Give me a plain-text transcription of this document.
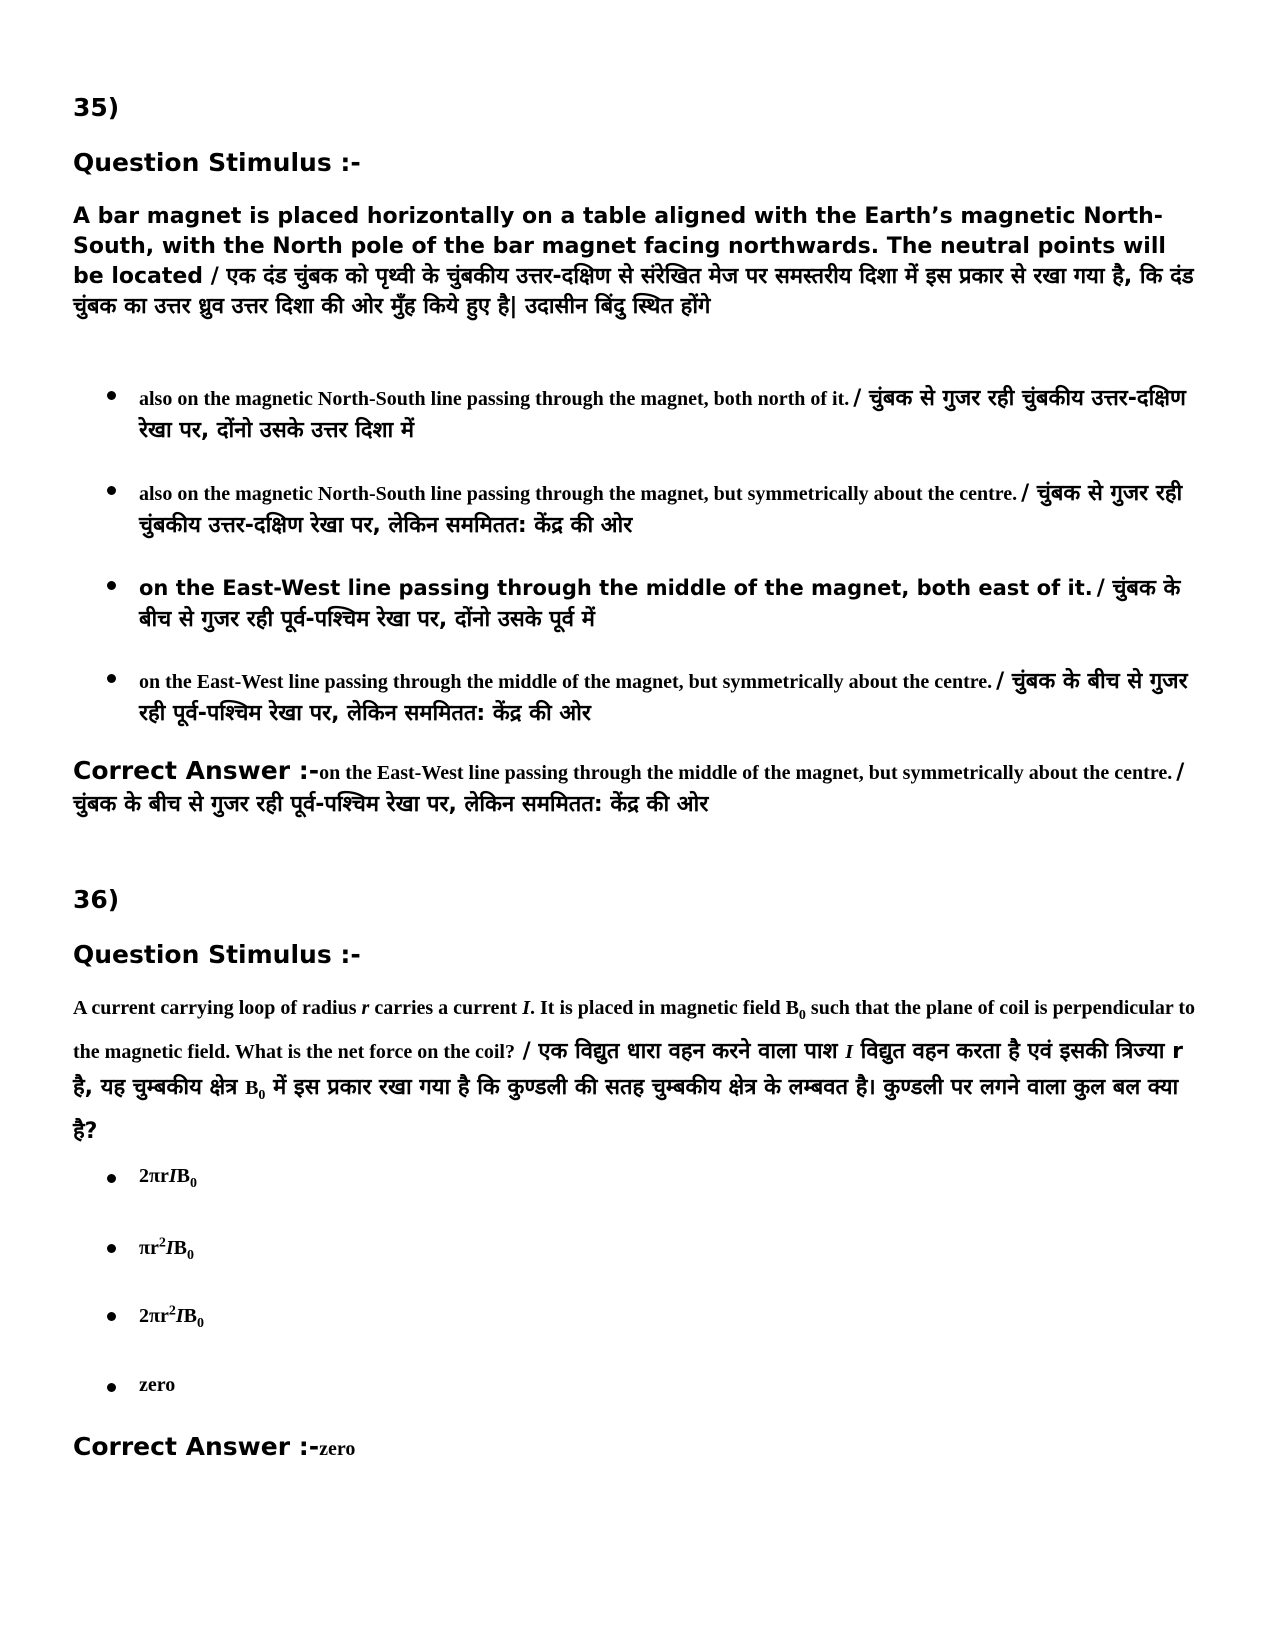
35)

Question Stimulus :-

A bar magnet is placed horizontally on a table aligned with the Earth’s magnetic North-South, with the North pole of the bar magnet facing northwards. The neutral points will be located / एक दंड चुंबक को पृथ्वी के चुंबकीय उत्तर-दक्षिण से संरेखित मेज पर समस्तरीय दिशा में इस प्रकार से रखा गया है, कि दंड चुंबक का उत्तर ध्रुव उत्तर दिशा की ओर मुँह किये हुए है| उदासीन बिंदु स्थित होंगे

also on the magnetic North-South line passing through the magnet, both north of it. / चुंबक से गुजर रही चुंबकीय उत्तर-दक्षिण रेखा पर, दोंनो उसके उत्तर दिशा में
also on the magnetic North-South line passing through the magnet, but symmetrically about the centre. / चुंबक से गुजर रही चुंबकीय उत्तर-दक्षिण रेखा पर, लेकिन सममितत: केंद्र की ओर
on the East-West line passing through the middle of the magnet, both east of it. / चुंबक के बीच से गुजर रही पूर्व-पश्चिम रेखा पर, दोंनो उसके पूर्व में
on the East-West line passing through the middle of the magnet, but symmetrically about the centre. / चुंबक के बीच से गुजर रही पूर्व-पश्चिम रेखा पर, लेकिन सममितत: केंद्र की ओर
Correct Answer :-on the East-West line passing through the middle of the magnet, but symmetrically about the centre. / चुंबक के बीच से गुजर रही पूर्व-पश्चिम रेखा पर, लेकिन सममितत: केंद्र की ओर

36)

Question Stimulus :-

A current carrying loop of radius r carries a current I. It is placed in magnetic field $B_0$ such that the plane of coil is perpendicular to the magnetic field. What is the net force on the coil? / एक विद्युत धारा वहन करने वाला पाश I विद्युत वहन करता है एवं इसकी त्रिज्या r है, यह चुम्बकीय क्षेत्र $B_0$ में इस प्रकार रखा गया है कि कुण्डली की सतह चुम्बकीय क्षेत्र के लम्बवत है। कुण्डली पर लगने वाला कुल बल क्या है?

2πrIB$_0$
$\pi r^2IB_0$
$2\pi r^2IB_0$
zero
Correct Answer :-zero
